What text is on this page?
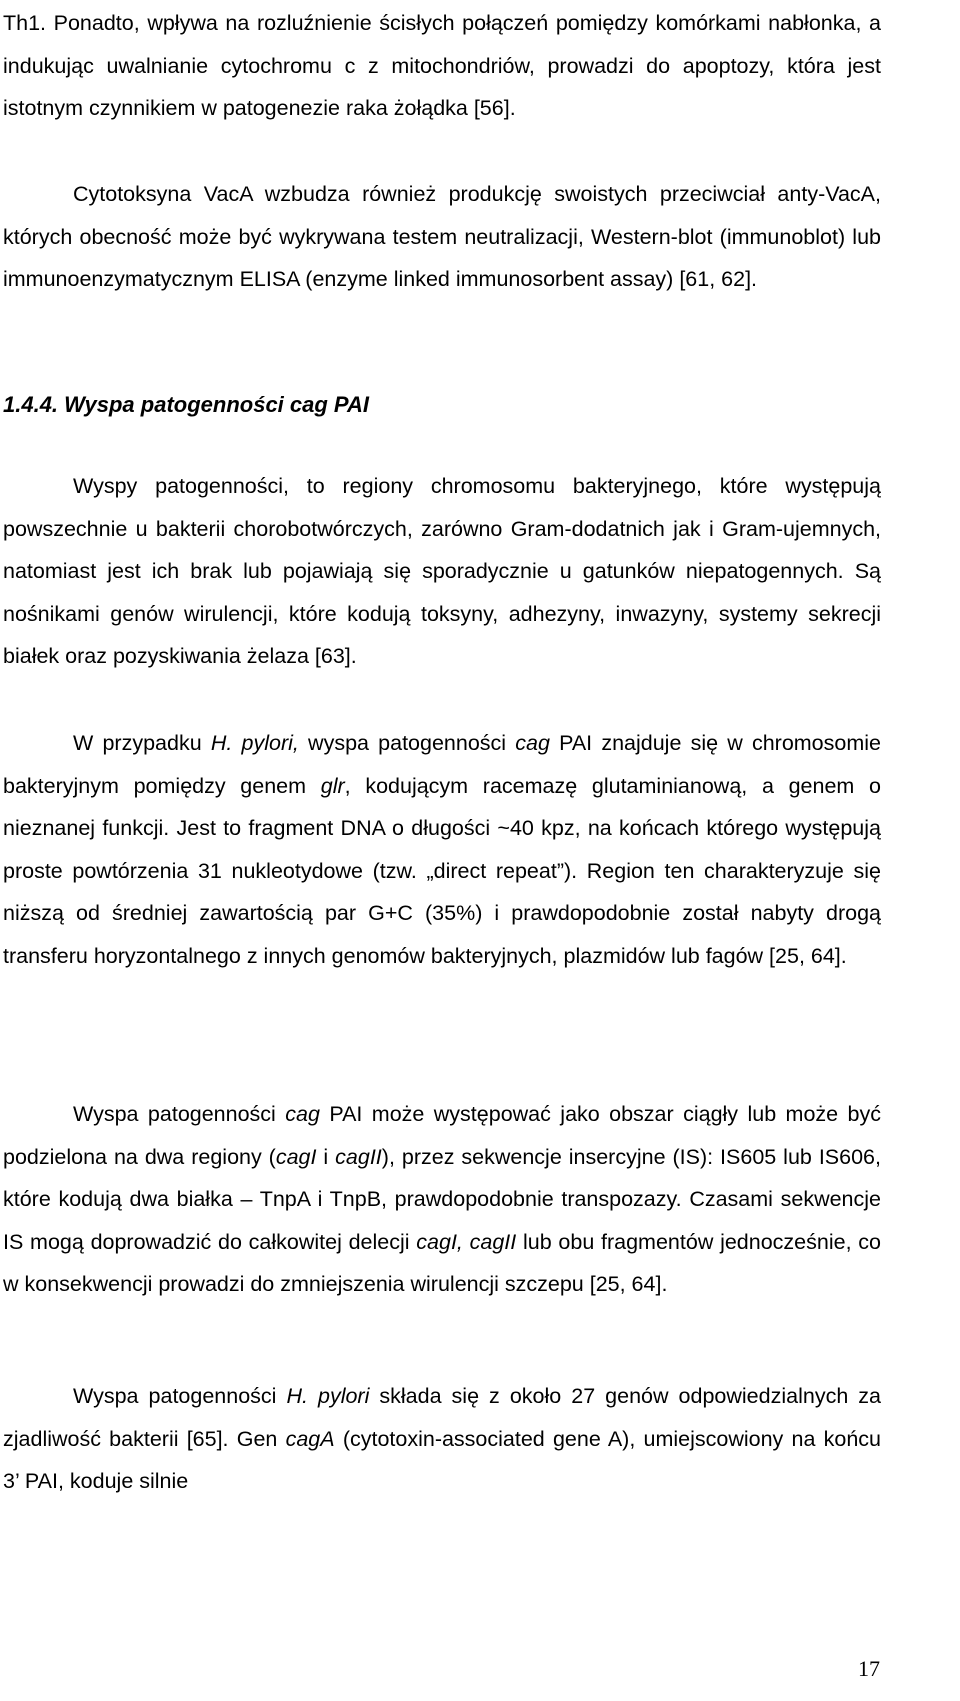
Th1. Ponadto, wpływa na rozluźnienie ścisłych połączeń pomiędzy komórkami nabłonka, a indukując uwalnianie cytochromu c z mitochondriów, prowadzi do apoptozy, która jest istotnym czynnikiem w patogenezie raka żołądka [56].

Cytotoksyna VacA wzbudza również produkcję swoistych przeciwciał anty-VacA, których obecność może być wykrywana testem neutralizacji, Western-blot (immunoblot) lub immunoenzymatycznym ELISA (enzyme linked immunosorbent assay) [61, 62].

1.4.4. Wyspa patogenności cag PAI

Wyspy patogenności, to regiony chromosomu bakteryjnego, które występują powszechnie u bakterii chorobotwórczych, zarówno Gram-dodatnich jak i Gram-ujemnych, natomiast jest ich brak lub pojawiają się sporadycznie u gatunków niepatogennych. Są nośnikami genów wirulencji, które kodują toksyny, adhezyny, inwazyny, systemy sekrecji białek oraz pozyskiwania żelaza [63].

W przypadku H. pylori, wyspa patogenności cag PAI znajduje się w chromosomie bakteryjnym pomiędzy genem glr, kodującym racemazę glutaminianową, a genem o nieznanej funkcji. Jest to fragment DNA o długości ~40 kpz, na końcach którego występują proste powtórzenia 31 nukleotydowe (tzw. „direct repeat”). Region ten charakteryzuje się niższą od średniej zawartością par G+C (35%) i prawdopodobnie został nabyty drogą transferu horyzontalnego z innych genomów bakteryjnych, plazmidów lub fagów [25, 64].

Wyspa patogenności cag PAI może występować jako obszar ciągły lub może być podzielona na dwa regiony (cagI i cagII), przez sekwencje insercyjne (IS): IS605 lub IS606, które kodują dwa białka – TnpA i TnpB, prawdopodobnie transpozazy. Czasami sekwencje IS mogą doprowadzić do całkowitej delecji cagI, cagII lub obu fragmentów jednocześnie, co w konsekwencji prowadzi do zmniejszenia wirulencji szczepu [25, 64].

Wyspa patogenności H. pylori składa się z około 27 genów odpowiedzialnych za zjadliwość bakterii [65]. Gen cagA (cytotoxin-associated gene A), umiejscowiony na końcu 3’ PAI, koduje silnie

17
